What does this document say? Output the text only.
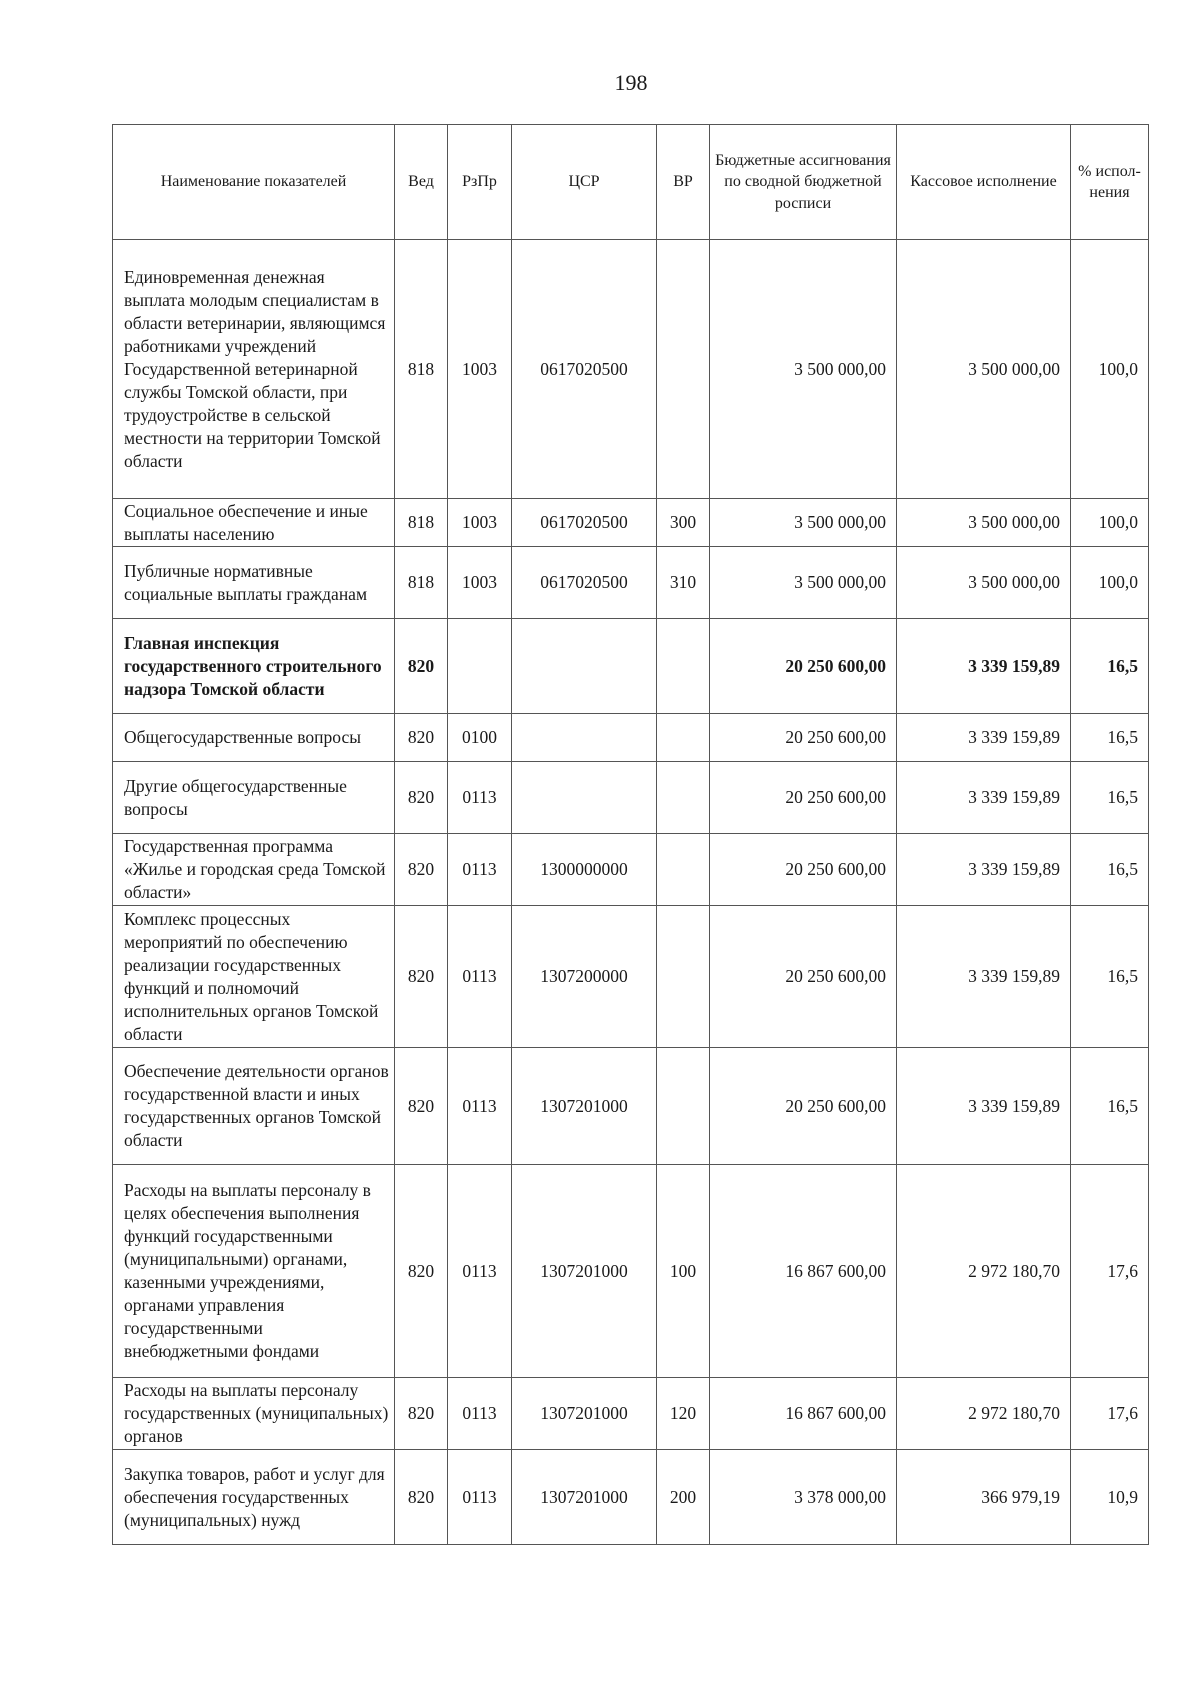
198
Наименование показателей	Вед	РзПр	ЦСР	ВР	Бюджетные ассигнования по сводной бюджетной росписи	Кассовое исполнение	% испол-нения
Единовременная денежная выплата молодым специалистам в области ветеринарии, являющимся работниками учреждений Государственной ветеринарной службы Томской области, при трудоустройстве в сельской местности на территории Томской области	818	1003	0617020500		3 500 000,00	3 500 000,00	100,0
Социальное обеспечение и иные выплаты населению	818	1003	0617020500	300	3 500 000,00	3 500 000,00	100,0
Публичные нормативные социальные выплаты гражданам	818	1003	0617020500	310	3 500 000,00	3 500 000,00	100,0
Главная инспекция государственного строительного надзора Томской области	820				20 250 600,00	3 339 159,89	16,5
Общегосударственные вопросы	820	0100			20 250 600,00	3 339 159,89	16,5
Другие общегосударственные вопросы	820	0113			20 250 600,00	3 339 159,89	16,5
Государственная программа «Жилье и городская среда Томской области»	820	0113	1300000000		20 250 600,00	3 339 159,89	16,5
Комплекс процессных мероприятий по обеспечению реализации государственных функций и полномочий исполнительных органов Томской области	820	0113	1307200000		20 250 600,00	3 339 159,89	16,5
Обеспечение деятельности органов государственной власти и иных государственных органов Томской области	820	0113	1307201000		20 250 600,00	3 339 159,89	16,5
Расходы на выплаты персоналу в целях обеспечения выполнения функций государственными (муниципальными) органами, казенными учреждениями, органами управления государственными внебюджетными фондами	820	0113	1307201000	100	16 867 600,00	2 972 180,70	17,6
Расходы на выплаты персоналу государственных (муниципальных) органов	820	0113	1307201000	120	16 867 600,00	2 972 180,70	17,6
Закупка товаров, работ и услуг для обеспечения государственных (муниципальных) нужд	820	0113	1307201000	200	3 378 000,00	366 979,19	10,9
